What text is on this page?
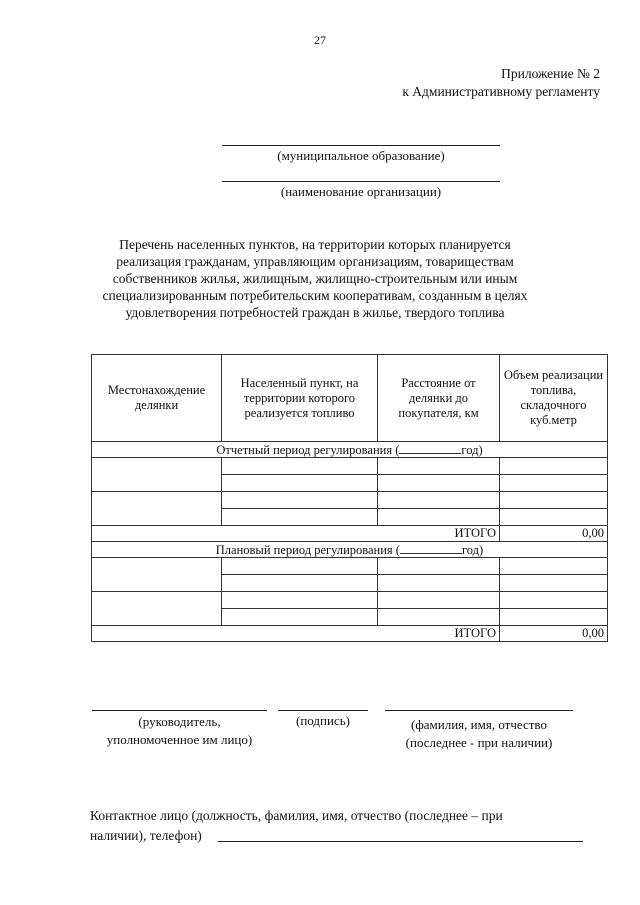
27
Приложение № 2
к Административному регламенту
(муниципальное образование)
(наименование организации)

Перечень населенных пунктов, на территории которых планируется

реализация гражданам, управляющим организациям, товариществам

собственников жилья, жилищным, жилищно-строительным или иным

специализированным потребительским кооперативам, созданным в целях

удовлетворения потребностей граждан в жилье, твердого топлива

Местонахождение делянки	Населенный пункт, на территории которого реализуется топливо	Расстояние от делянки до покупателя, км	Объем реализации топлива, складочного куб.метр
Отчетный период регулирования ( год)			

ИТОГО			0,00
Плановый период регулирования ( год)			

ИТОГО			0,00
(руководитель,
уполномоченное им лицо)
(подпись)	(фамилия, имя, отчество
(последнее - при наличии)
Контактное лицо (должность, фамилия, имя, отчество (последнее – при
наличии), телефон)
